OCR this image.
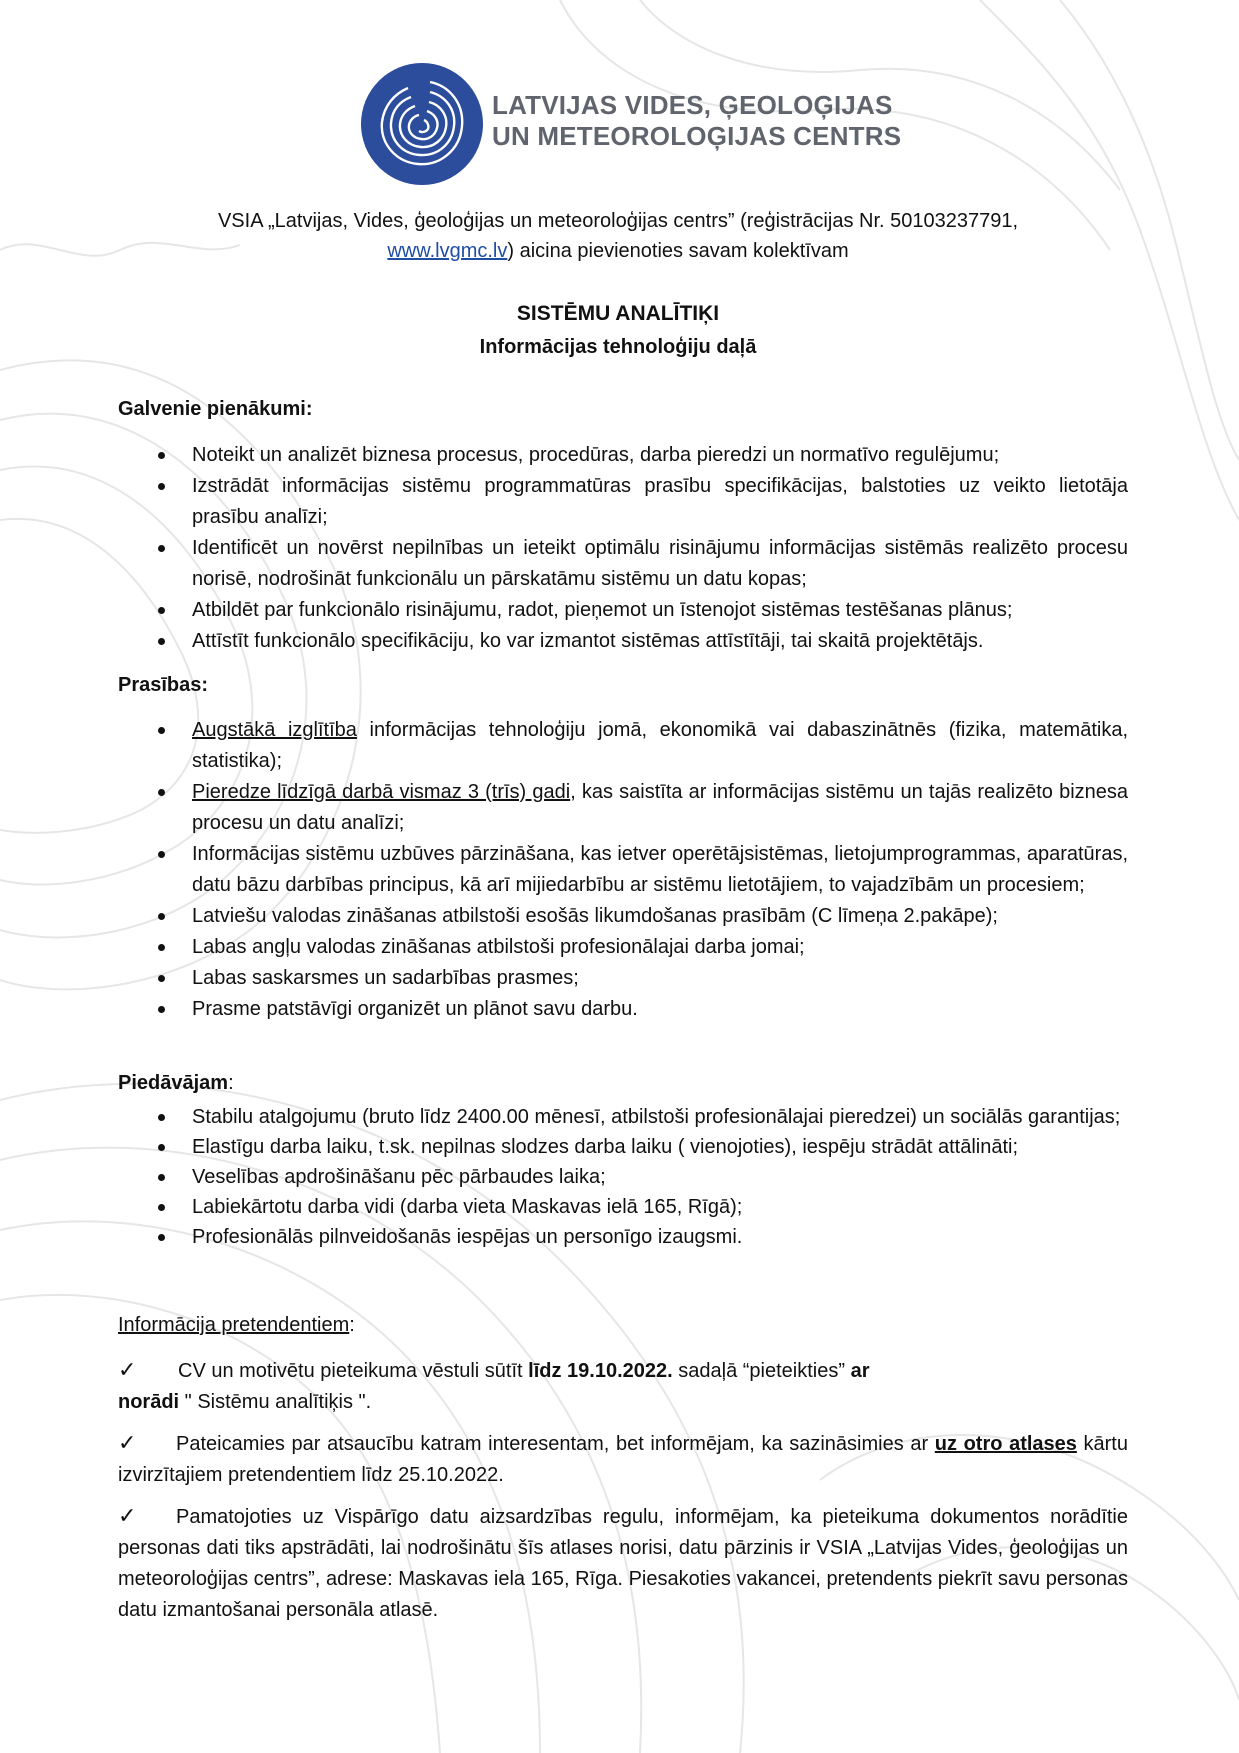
LATVIJAS VIDES, ĢEOLOĢIJAS
UN METEOROLOĢIJAS CENTRS
VSIA „Latvijas, Vides, ģeoloģijas un meteoroloģijas centrs” (reģistrācijas Nr. 50103237791,
www.lvgmc.lv) aicina pievienoties savam kolektīvam
SISTĒMU ANALĪTIĶI
Informācijas tehnoloģiju daļā
Galvenie pienākumi:
Noteikt un analizēt biznesa procesus, procedūras, darba pieredzi un normatīvo regulējumu;
Izstrādāt informācijas sistēmu programmatūras prasību specifikācijas, balstoties uz veikto lietotāja prasību analīzi;
Identificēt un novērst nepilnības un ieteikt optimālu risinājumu informācijas sistēmās realizēto procesu norisē, nodrošināt funkcionālu un pārskatāmu sistēmu un datu kopas;
Atbildēt par funkcionālo risinājumu, radot, pieņemot un īstenojot sistēmas testēšanas plānus;
Attīstīt funkcionālo specifikāciju, ko var izmantot sistēmas attīstītāji, tai skaitā projektētājs.
Prasības:
Augstākā izglītība informācijas tehnoloģiju jomā, ekonomikā vai dabaszinātnēs (fizika, matemātika, statistika);
Pieredze līdzīgā darbā vismaz 3 (trīs) gadi, kas saistīta ar informācijas sistēmu un tajās realizēto biznesa procesu un datu analīzi;
Informācijas sistēmu uzbūves pārzināšana, kas ietver operētājsistēmas, lietojumprogrammas, aparatūras, datu bāzu darbības principus, kā arī mijiedarbību ar sistēmu lietotājiem, to vajadzībām un procesiem;
Latviešu valodas zināšanas atbilstoši esošās likumdošanas prasībām (C līmeņa 2.pakāpe);
Labas angļu valodas zināšanas atbilstoši profesionālajai darba jomai;
Labas saskarsmes un sadarbības prasmes;
Prasme patstāvīgi organizēt un plānot savu darbu.
Piedāvājam:
Stabilu atalgojumu (bruto līdz 2400.00 mēnesī, atbilstoši profesionālajai pieredzei) un sociālās garantijas;
Elastīgu darba laiku, t.sk. nepilnas slodzes darba laiku ( vienojoties), iespēju strādāt attālināti;
Veselības apdrošināšanu pēc pārbaudes laika;
Labiekārtotu darba vidi (darba vieta Maskavas ielā 165, Rīgā);
Profesionālās pilnveidošanās iespējas un personīgo izaugsmi.
Informācija pretendentiem:
✓ CV un motivētu pieteikuma vēstuli sūtīt līdz 19.10.2022. sadaļā “pieteikties” ar
norādi " Sistēmu analītiķis ".
✓ Pateicamies par atsaucību katram interesentam, bet informējam, ka sazināsimies ar uz otro atlases kārtu izvirzītajiem pretendentiem līdz 25.10.2022.
✓ Pamatojoties uz Vispārīgo datu aizsardzības regulu, informējam, ka pieteikuma dokumentos norādītie personas dati tiks apstrādāti, lai nodrošinātu šīs atlases norisi, datu pārzinis ir VSIA „Latvijas Vides, ģeoloģijas un meteoroloģijas centrs”, adrese: Maskavas iela 165, Rīga. Piesakoties vakancei, pretendents piekrīt savu personas datu izmantošanai personāla atlasē.
